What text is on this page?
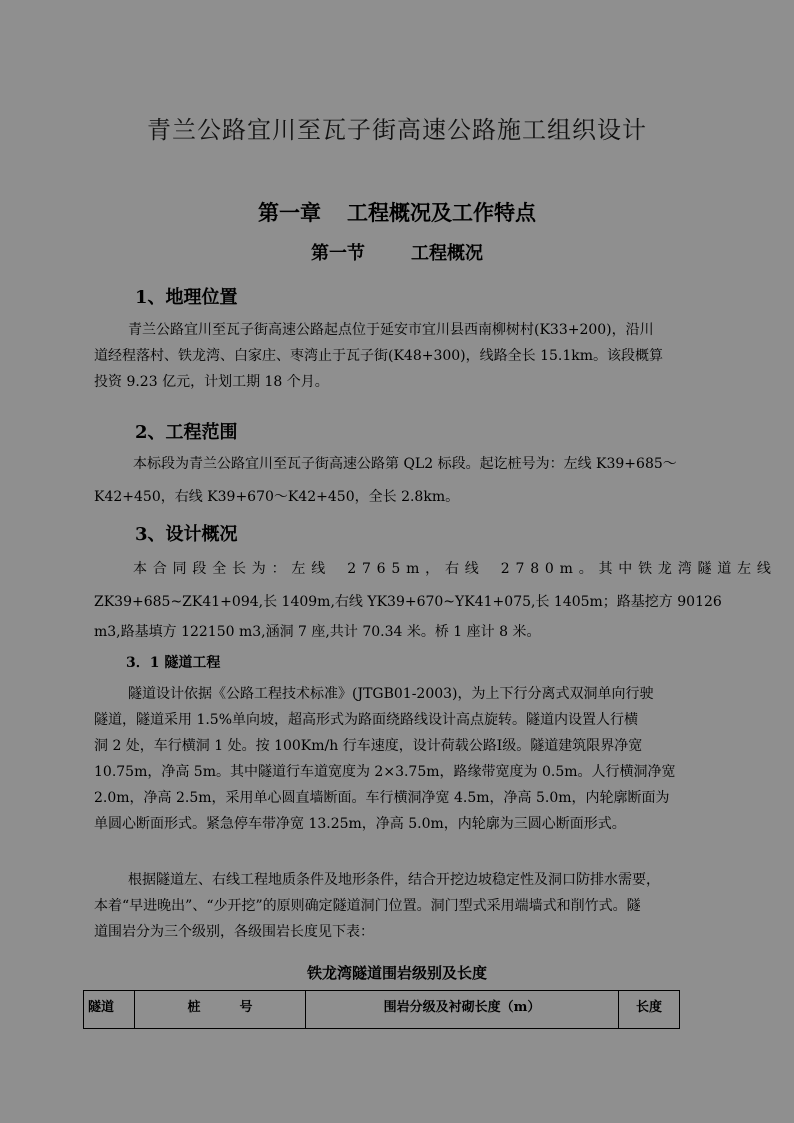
青兰公路宜川至瓦子街高速公路施工组织设计
第一章 工程概况及工作特点
第一节	工程概况
1、地理位置
青兰公路宜川至瓦子街高速公路起点位于延安市宜川县西南柳树村(K33+200)，沿川
道经程落村、铁龙湾、白家庄、枣湾止于瓦子街(K48+300)，线路全长 15.1km。该段概算
投资 9.23 亿元，计划工期 18 个月。
2、工程范围
本标段为青兰公路宜川至瓦子街高速公路第 QL2 标段。起讫桩号为：左线 K39+685～
K42+450，右线 K39+670～K42+450，全长 2.8km。
3、设计概况
本合同段全长为：左线 2765m，右线 2780m。其中铁龙湾隧道左线
ZK39+685~ZK41+094,长 1409m,右线 YK39+670~YK41+075,长 1405m；路基挖方 90126
m3,路基填方 122150 m3,涵洞 7 座,共计 70.34 米。桥 1 座计 8 米。
3．1 隧道工程
隧道设计依据《公路工程技术标准》(JTGB01-2003)，为上下行分离式双洞单向行驶
隧道，隧道采用 1.5%单向坡，超高形式为路面绕路线设计高点旋转。隧道内设置人行横
洞 2 处，车行横洞 1 处。按 100Km/h 行车速度，设计荷载公路Ⅰ级。隧道建筑限界净宽
10.75m，净高 5m。其中隧道行车道宽度为 2×3.75m，路缘带宽度为 0.5m。人行横洞净宽
2.0m，净高 2.5m，采用单心圆直墙断面。车行横洞净宽 4.5m，净高 5.0m，内轮廓断面为
单圆心断面形式。紧急停车带净宽 13.25m，净高 5.0m，内轮廓为三圆心断面形式。
根据隧道左、右线工程地质条件及地形条件，结合开挖边坡稳定性及洞口防排水需要，
本着“早进晚出”、“少开挖”的原则确定隧道洞门位置。洞门型式采用端墙式和削竹式。隧
道围岩分为三个级别，各级围岩长度见下表：
铁龙湾隧道围岩级别及长度
隧道	桩　　　号	围岩分级及衬砌长度（m）	长度
